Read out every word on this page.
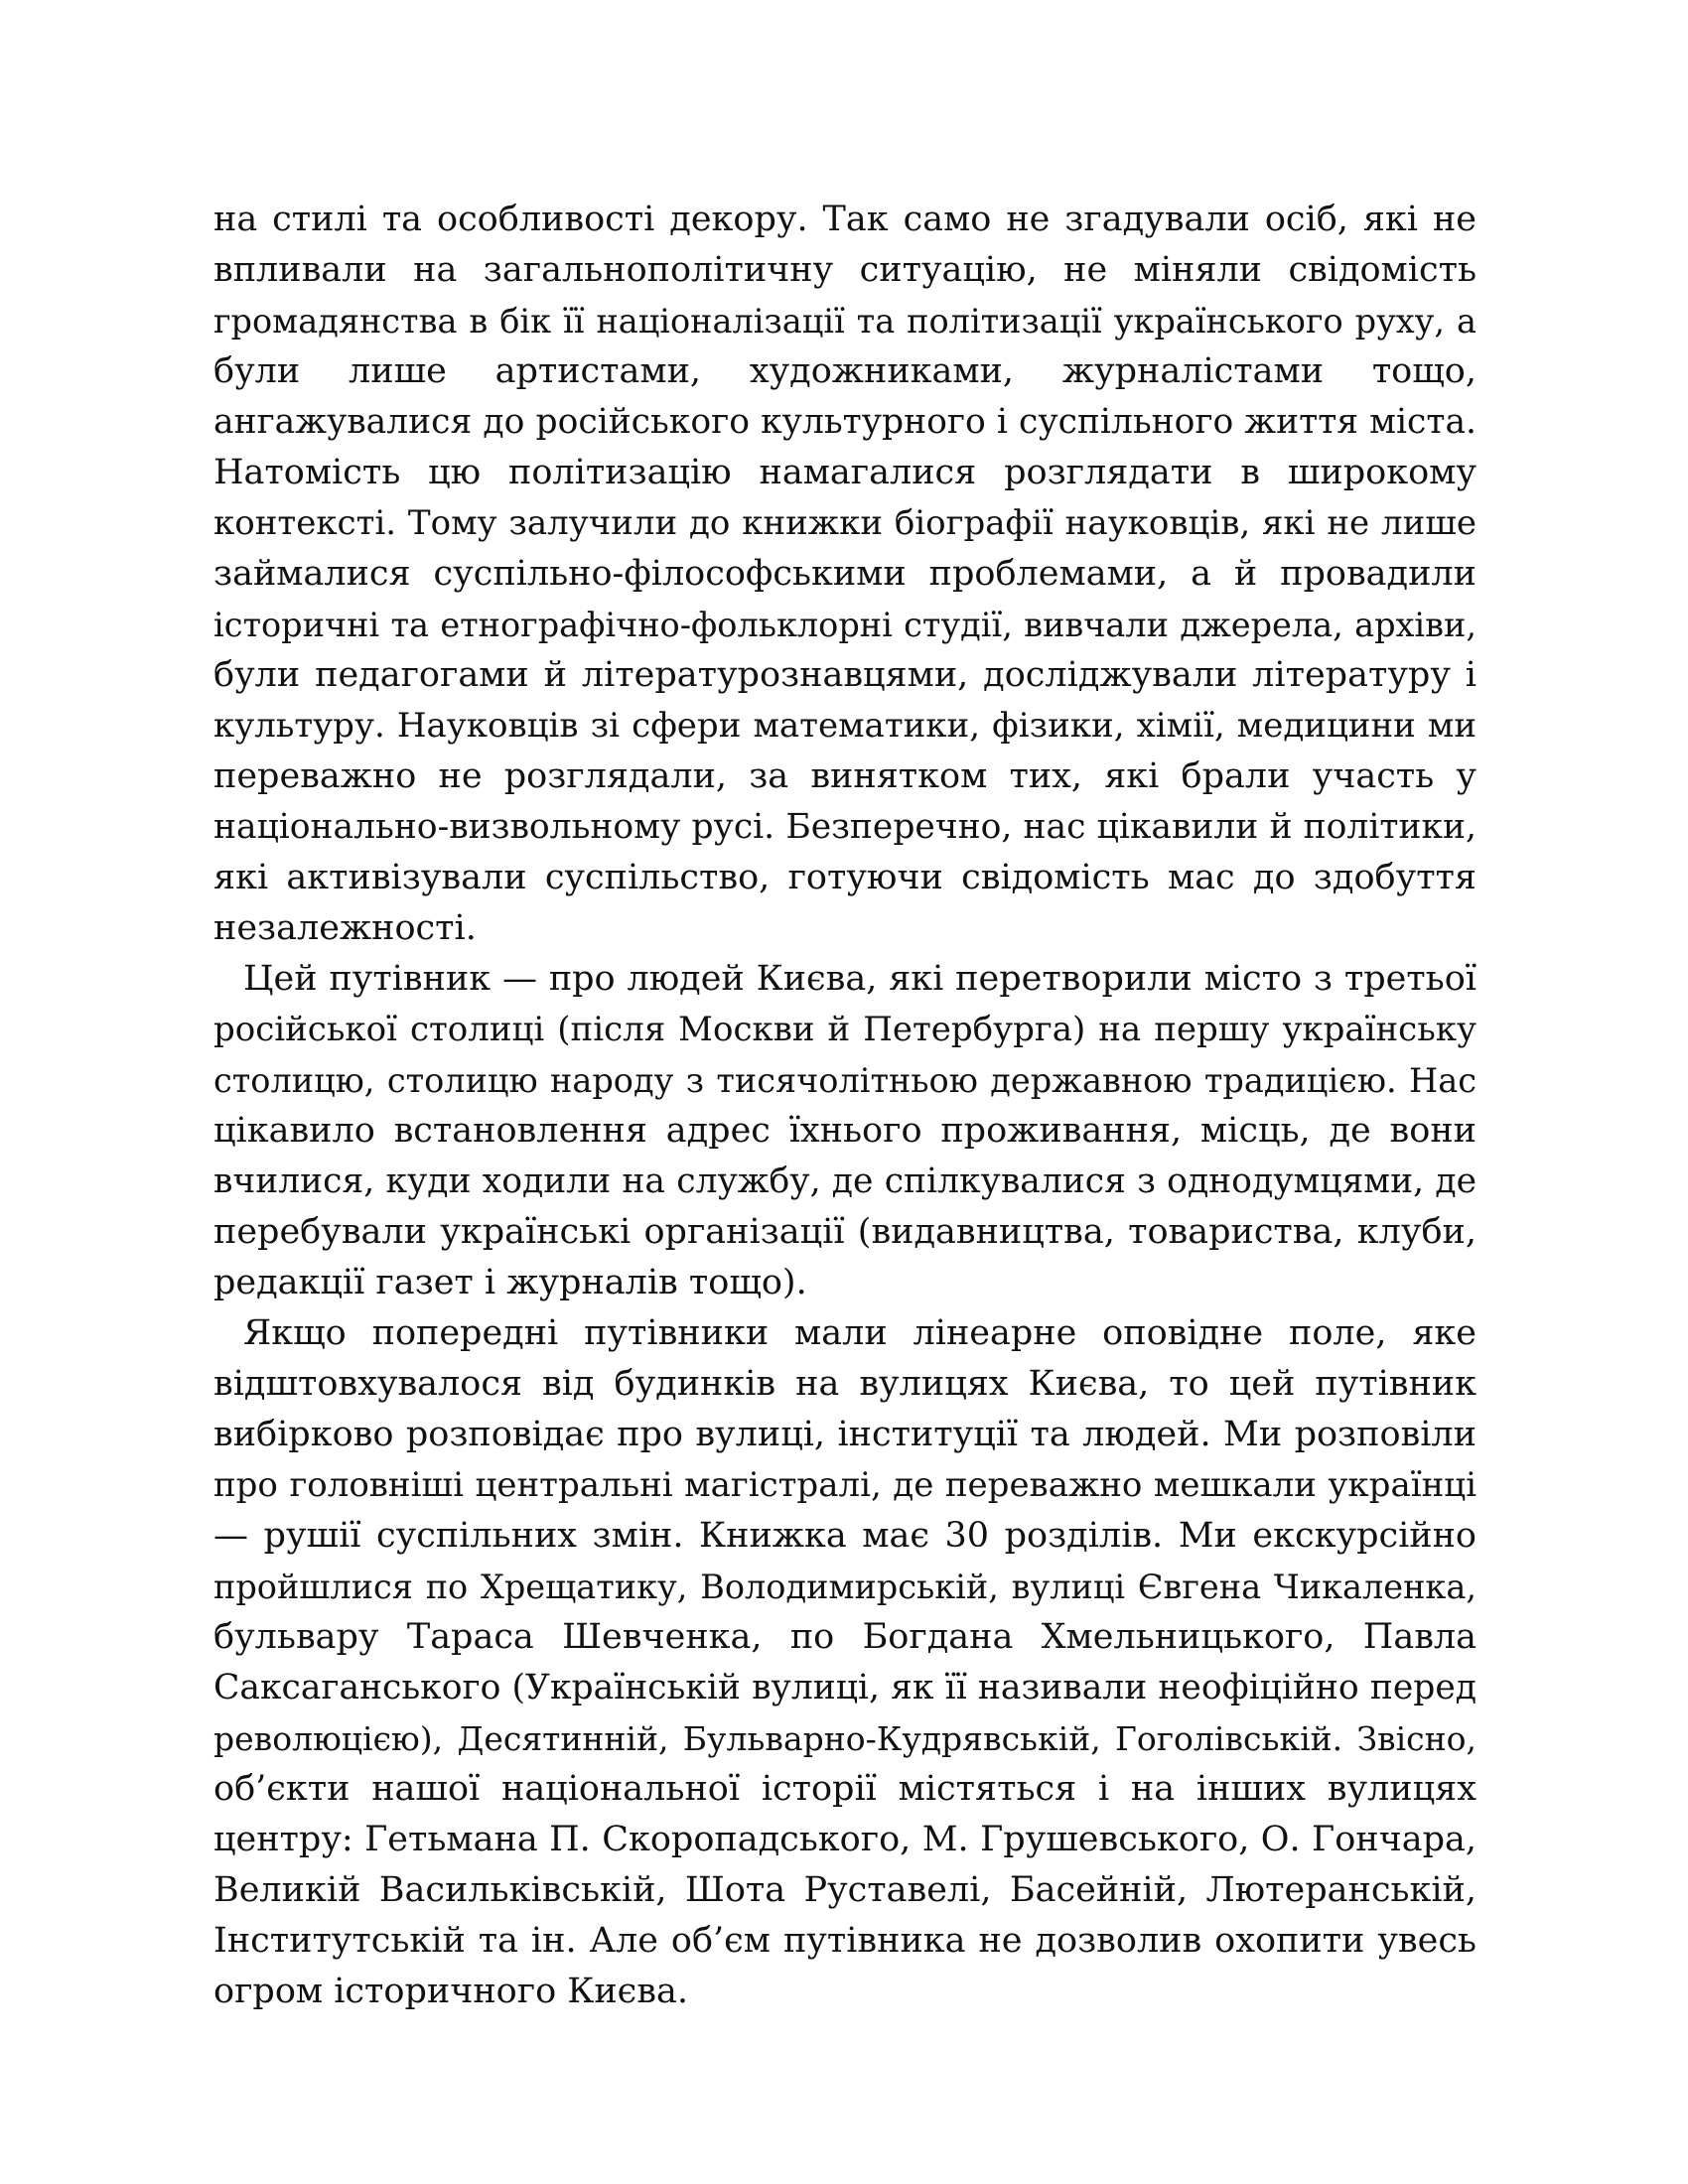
на стилі та особливості декору. Так само не згадували осіб, які не
впливали на загальнополітичну ситуацію, не міняли свідомість
громадянства в бік її націоналізації та політизації українського руху, а
були лише артистами, художниками, журналістами тощо,
ангажувалися до російського культурного і суспільного життя міста.
Натомість цю політизацію намагалися розглядати в широкому
контексті. Тому залучили до книжки біографії науковців, які не лише
займалися суспільно-філософськими проблемами, а й провадили
історичні та етнографічно-фольклорні студії, вивчали джерела, архіви,
були педагогами й літературознавцями, досліджували літературу і
культуру. Науковців зі сфери математики, фізики, хімії, медицини ми
переважно не розглядали, за винятком тих, які брали участь у
національно-визвольному русі. Безперечно, нас цікавили й політики,
які активізували суспільство, готуючи свідомість мас до здобуття
незалежності.

Цей путівник — про людей Києва, які перетворили місто з третьої
російської столиці (після Москви й Петербурга) на першу українську
столицю, столицю народу з тисячолітньою державною традицією. Нас
цікавило встановлення адрес їхнього проживання, місць, де вони
вчилися, куди ходили на службу, де спілкувалися з однодумцями, де
перебували українські організації (видавництва, товариства, клуби,
редакції газет і журналів тощо).

Якщо попередні путівники мали лінеарне оповідне поле, яке
відштовхувалося від будинків на вулицях Києва, то цей путівник
вибірково розповідає про вулиці, інституції та людей. Ми розповіли
про головніші центральні магістралі, де переважно мешкали українці
— рушії суспільних змін. Книжка має 30 розділів. Ми екскурсійно
пройшлися по Хрещатику, Володимирській, вулиці Євгена Чикаленка,
бульвару Тараса Шевченка, по Богдана Хмельницького, Павла
Саксаганського (Українській вулиці, як її називали неофіційно перед
революцією), Десятинній, Бульварно-Кудрявській, Гоголівській. Звісно,
об’єкти нашої національної історії містяться і на інших вулицях
центру: Гетьмана П. Скоропадського, М. Грушевського, О. Гончара,
Великій Васильківській, Шота Руставелі, Басейній, Лютеранській,
Інститутській та ін. Але об’єм путівника не дозволив охопити увесь
огром історичного Києва.
